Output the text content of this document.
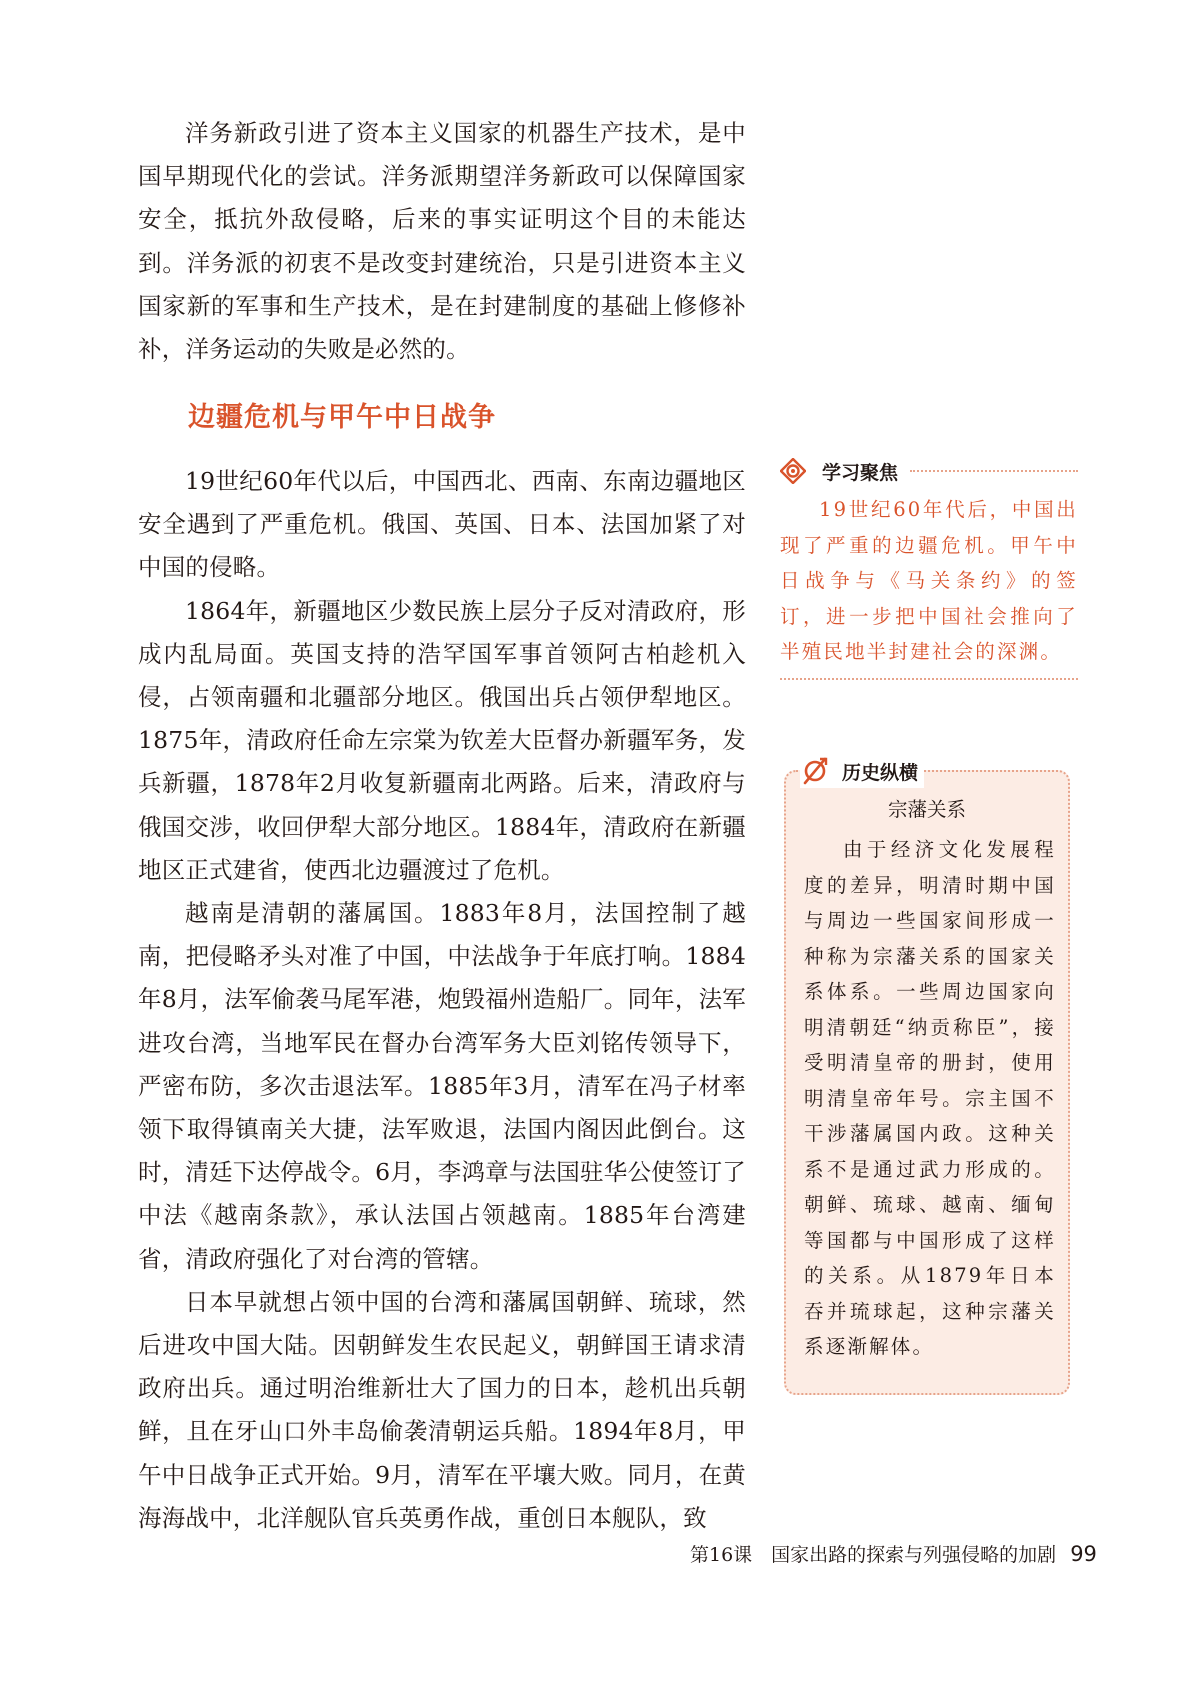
洋务新政引进了资本主义国家的机器生产技术，是中国早期现代化的尝试。洋务派期望洋务新政可以保障国家安全，抵抗外敌侵略，后来的事实证明这个目的未能达到。洋务派的初衷不是改变封建统治，只是引进资本主义国家新的军事和生产技术，是在封建制度的基础上修修补补，洋务运动的失败是必然的。

边疆危机与甲午中日战争

19世纪60年代以后，中国西北、西南、东南边疆地区安全遇到了严重危机。俄国、英国、日本、法国加紧了对中国的侵略。

1864年，新疆地区少数民族上层分子反对清政府，形成内乱局面。英国支持的浩罕国军事首领阿古柏趁机入侵，占领南疆和北疆部分地区。俄国出兵占领伊犁地区。1875年，清政府任命左宗棠为钦差大臣督办新疆军务，发兵新疆，1878年2月收复新疆南北两路。后来，清政府与俄国交涉，收回伊犁大部分地区。1884年，清政府在新疆地区正式建省，使西北边疆渡过了危机。

越南是清朝的藩属国。1883年8月，法国控制了越南，把侵略矛头对准了中国，中法战争于年底打响。1884年8月，法军偷袭马尾军港，炮毁福州造船厂。同年，法军进攻台湾，当地军民在督办台湾军务大臣刘铭传领导下，严密布防，多次击退法军。1885年3月，清军在冯子材率领下取得镇南关大捷，法军败退，法国内阁因此倒台。这时，清廷下达停战令。6月，李鸿章与法国驻华公使签订了中法《越南条款》，承认法国占领越南。1885年台湾建省，清政府强化了对台湾的管辖。

日本早就想占领中国的台湾和藩属国朝鲜、琉球，然后进攻中国大陆。因朝鲜发生农民起义，朝鲜国王请求清政府出兵。通过明治维新壮大了国力的日本，趁机出兵朝鲜，且在牙山口外丰岛偷袭清朝运兵船。1894年8月，甲午中日战争正式开始。9月，清军在平壤大败。同月，在黄海海战中，北洋舰队官兵英勇作战，重创日本舰队，致

学习聚焦

19世纪60年代后，中国出现了严重的边疆危机。甲午中日战争与《马关条约》的签订，进一步把中国社会推向了半殖民地半封建社会的深渊。

历史纵横
宗藩关系

由于经济文化发展程度的差异，明清时期中国与周边一些国家间形成一种称为宗藩关系的国家关系体系。一些周边国家向明清朝廷“纳贡称臣”，接受明清皇帝的册封，使用明清皇帝年号。宗主国不干涉藩属国内政。这种关系不是通过武力形成的。朝鲜、琉球、越南、缅甸等国都与中国形成了这样的关系。从1879年日本吞并琉球起，这种宗藩关系逐渐解体。

第16课　国家出路的探索与列强侵略的加剧 99
